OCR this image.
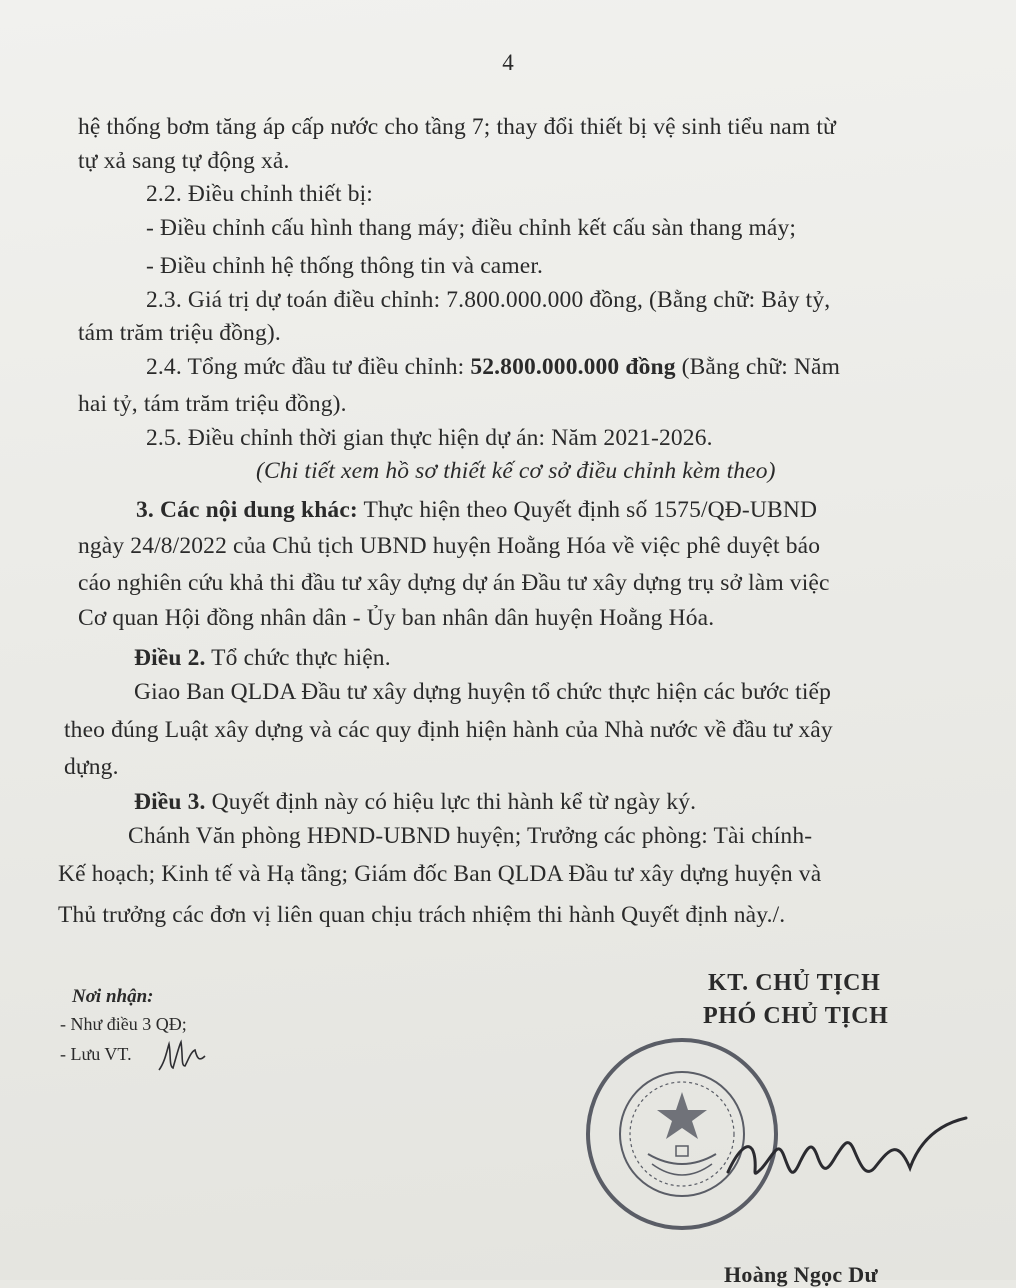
4
hệ thống bơm tăng áp cấp nước cho tầng 7; thay đổi thiết bị vệ sinh tiểu nam từ
tự xả sang tự động xả.
2.2. Điều chỉnh thiết bị:
- Điều chỉnh cấu hình thang máy; điều chỉnh kết cấu sàn thang máy;
- Điều chỉnh hệ thống thông tin và camer.
2.3. Giá trị dự toán điều chỉnh: 7.800.000.000 đồng, (Bằng chữ: Bảy tỷ,
tám trăm triệu đồng).
2.4. Tổng mức đầu tư điều chỉnh: 52.800.000.000 đồng (Bằng chữ: Năm
hai tỷ, tám trăm triệu đồng).
2.5. Điều chỉnh thời gian thực hiện dự án: Năm 2021-2026.
(Chi tiết xem hồ sơ thiết kế cơ sở điều chỉnh kèm theo)
3. Các nội dung khác: Thực hiện theo Quyết định số 1575/QĐ-UBND
ngày 24/8/2022 của Chủ tịch UBND huyện Hoằng Hóa về việc phê duyệt báo
cáo nghiên cứu khả thi đầu tư xây dựng dự án Đầu tư xây dựng trụ sở làm việc
Cơ quan Hội đồng nhân dân - Ủy ban nhân dân huyện Hoằng Hóa.
Điều 2. Tổ chức thực hiện.
Giao Ban QLDA Đầu tư xây dựng huyện tổ chức thực hiện các bước tiếp
theo đúng Luật xây dựng và các quy định hiện hành của Nhà nước về đầu tư xây
dựng.
Điều 3. Quyết định này có hiệu lực thi hành kể từ ngày ký.
Chánh Văn phòng HĐND-UBND huyện; Trưởng các phòng: Tài chính-
Kế hoạch; Kinh tế và Hạ tầng; Giám đốc Ban QLDA Đầu tư xây dựng huyện và
Thủ trưởng các đơn vị liên quan chịu trách nhiệm thi hành Quyết định này./.
Nơi nhận:
- Như điều 3 QĐ;
- Lưu VT.
KT. CHỦ TỊCH
PHÓ CHỦ TỊCH
Hoàng Ngọc Dư
